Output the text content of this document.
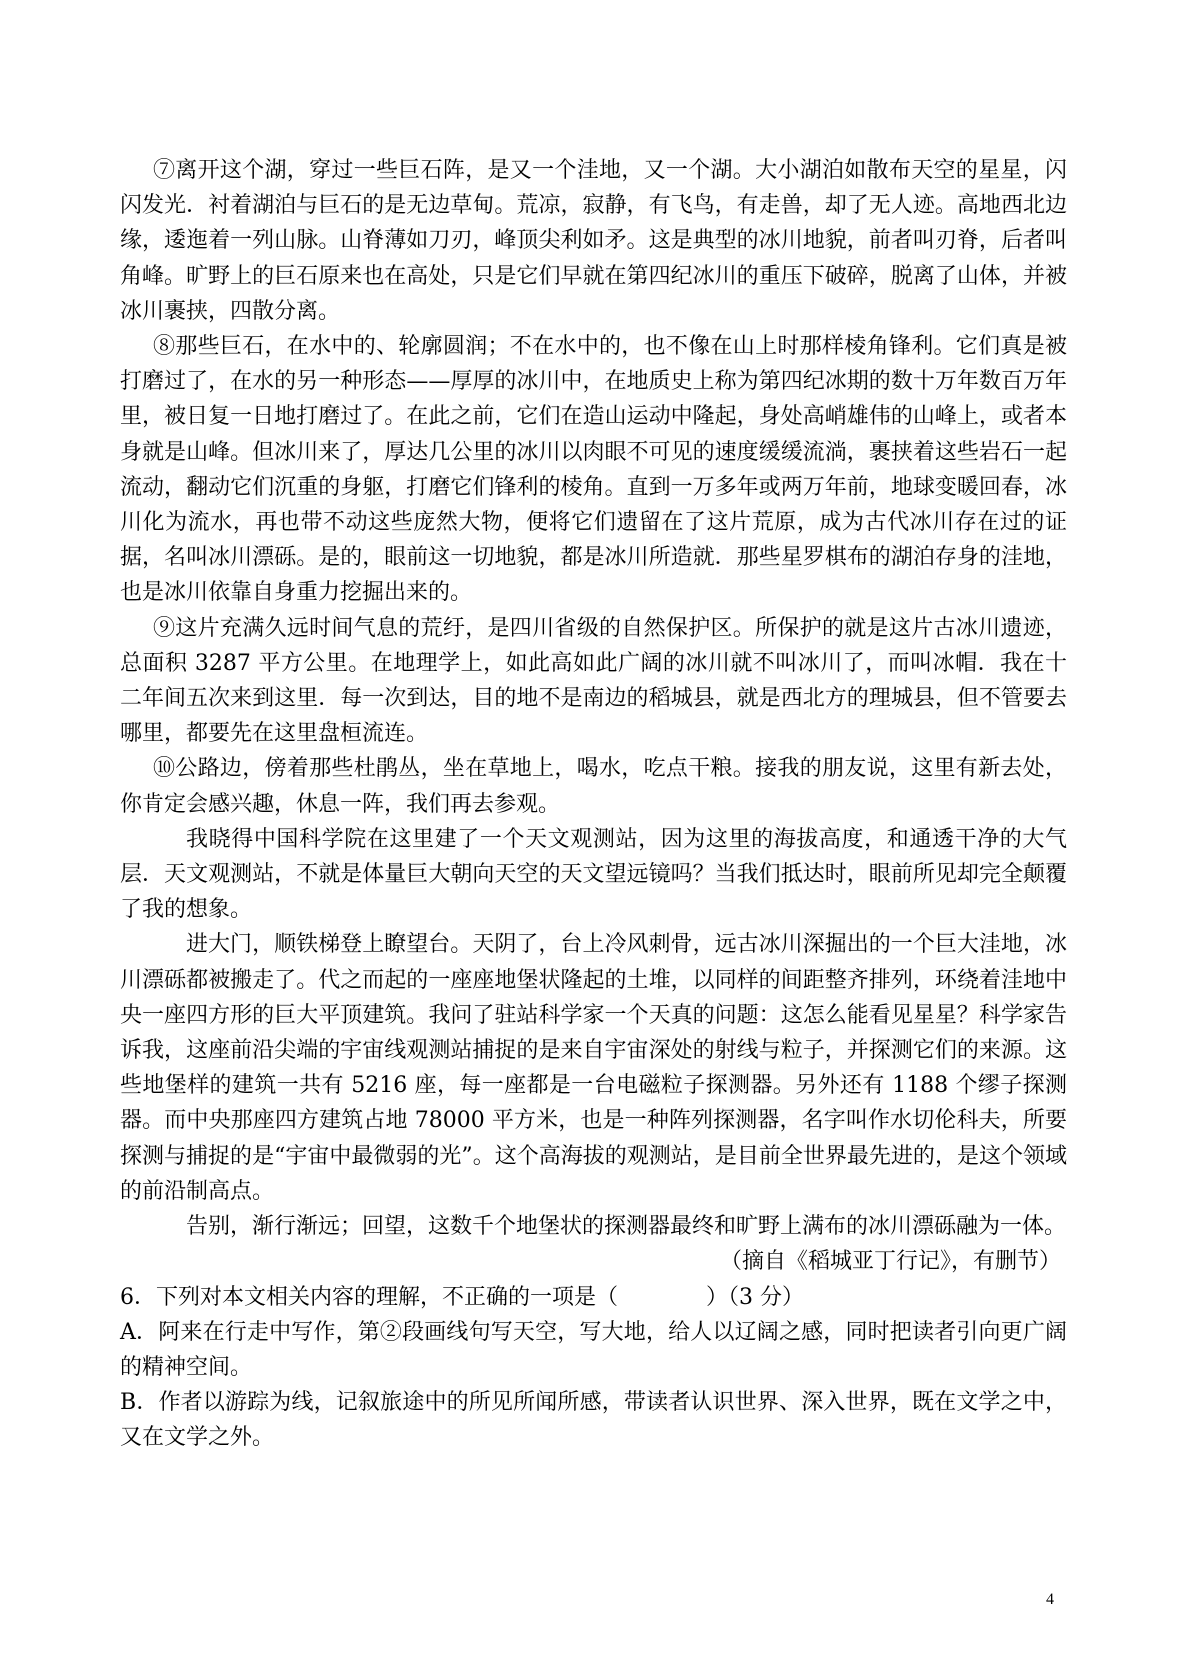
⑦离开这个湖，穿过一些巨石阵，是又一个洼地，又一个湖。大小湖泊如散布天空的星星，闪闪发光．衬着湖泊与巨石的是无边草甸。荒凉，寂静，有飞鸟，有走兽，却了无人迹。高地西北边缘，逶迤着一列山脉。山脊薄如刀刃，峰顶尖利如矛。这是典型的冰川地貌，前者叫刃脊，后者叫角峰。旷野上的巨石原来也在高处，只是它们早就在第四纪冰川的重压下破碎，脱离了山体，并被冰川裹挟，四散分离。

⑧那些巨石，在水中的、轮廓圆润；不在水中的，也不像在山上时那样棱角锋利。它们真是被打磨过了，在水的另一种形态——厚厚的冰川中，在地质史上称为第四纪冰期的数十万年数百万年里，被日复一日地打磨过了。在此之前，它们在造山运动中隆起，身处高峭雄伟的山峰上，或者本身就是山峰。但冰川来了，厚达几公里的冰川以肉眼不可见的速度缓缓流淌，裹挟着这些岩石一起流动，翻动它们沉重的身躯，打磨它们锋利的棱角。直到一万多年或两万年前，地球变暖回春，冰川化为流水，再也带不动这些庞然大物，便将它们遗留在了这片荒原，成为古代冰川存在过的证据，名叫冰川漂砾。是的，眼前这一切地貌，都是冰川所造就．那些星罗棋布的湖泊存身的洼地，也是冰川依靠自身重力挖掘出来的。

⑨这片充满久远时间气息的荒纡，是四川省级的自然保护区。所保护的就是这片古冰川遗迹，总面积 3287 平方公里。在地理学上，如此高如此广阔的冰川就不叫冰川了，而叫冰帽．我在十二年间五次来到这里．每一次到达，目的地不是南边的稻城县，就是西北方的理城县，但不管要去哪里，都要先在这里盘桓流连。

⑩公路边，傍着那些杜鹃丛，坐在草地上，喝水，吃点干粮。接我的朋友说，这里有新去处，你肯定会感兴趣，休息一阵，我们再去参观。

我晓得中国科学院在这里建了一个天文观测站，因为这里的海拔高度，和通透干净的大气层．天文观测站，不就是体量巨大朝向天空的天文望远镜吗？当我们抵达时，眼前所见却完全颠覆了我的想象。

进大门，顺铁梯登上瞭望台。天阴了，台上冷风刺骨，远古冰川深掘出的一个巨大洼地，冰川漂砾都被搬走了。代之而起的一座座地堡状隆起的土堆，以同样的间距整齐排列，环绕着洼地中央一座四方形的巨大平顶建筑。我问了驻站科学家一个天真的问题：这怎么能看见星星？科学家告诉我，这座前沿尖端的宇宙线观测站捕捉的是来自宇宙深处的射线与粒子，并探测它们的来源。这些地堡样的建筑一共有 5216 座，每一座都是一台电磁粒子探测器。另外还有 1188 个缪子探测器。而中央那座四方建筑占地 78000 平方米，也是一种阵列探测器，名字叫作水切伦科夫，所要探测与捕捉的是“宇宙中最微弱的光”。这个高海拔的观测站，是目前全世界最先进的，是这个领域的前沿制高点。

告别，渐行渐远；回望，这数千个地堡状的探测器最终和旷野上满布的冰川漂砾融为一体。

（摘自《稻城亚丁行记》，有删节）

6．下列对本文相关内容的理解，不正确的一项是（　　　　）（3 分）

A．阿来在行走中写作，第②段画线句写天空，写大地，给人以辽阔之感，同时把读者引向更广阔的精神空间。

B．作者以游踪为线，记叙旅途中的所见所闻所感，带读者认识世界、深入世界，既在文学之中，又在文学之外。

4
